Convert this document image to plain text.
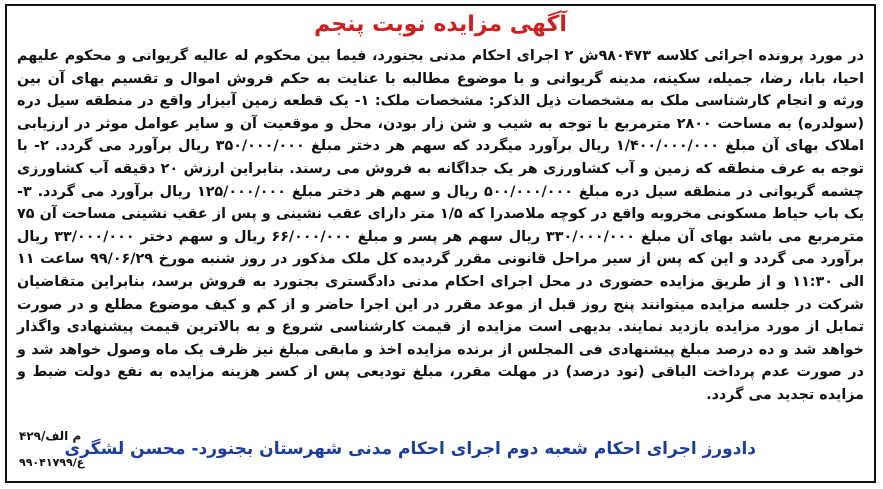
آگهی مزایده نوبت پنجم

در مورد پرونده اجرائی کلاسه ۹۸۰۴۷۳ش ۲ اجرای احکام مدنی بجنورد، فیما بین محکوم له عالیه گریوانی و محکوم علیهم احیا، بابا، رضا، جمیله، سکینه، مدینه گریوانی و با موضوع مطالبه با عنایت به حکم فروش اموال و تقسیم بهای آن بین ورثه و انجام کارشناسی ملک به مشخصات ذیل الذکر: مشخصات ملک: ۱- یک قطعه زمین آبیزار واقع در منطقه سیل دره (سولدره) به مساحت ۲۸۰۰ مترمربع با توجه به شیب و شن زار بودن، محل و موقعیت آن و سایر عوامل موثر در ارزیابی املاک بهای آن مبلغ ۱/۴۰۰/۰۰۰/۰۰۰ ریال برآورد میگردد که سهم هر دختر مبلغ ۳۵۰/۰۰۰/۰۰۰ ریال برآورد می گردد. ۲- با توجه به عرف منطقه که زمین و آب کشاورزی هر یک جداگانه به فروش می رسند. بنابراین ارزش ۲۰ دقیقه آب کشاورزی چشمه گریوانی در منطقه سیل دره مبلغ ۵۰۰/۰۰۰/۰۰۰ ریال و سهم هر دختر مبلغ ۱۲۵/۰۰۰/۰۰۰ ریال برآورد می گردد. ۳- یک باب حیاط مسکونی مخروبه واقع در کوچه ملاصدرا که ۱/۵ متر دارای عقب نشینی و پس از عقب نشینی مساحت آن ۷۵ مترمربع می باشد بهای آن مبلغ ۳۳۰/۰۰۰/۰۰۰ ریال سهم هر پسر و مبلغ ۶۶/۰۰۰/۰۰۰ ریال و سهم دختر ۳۳/۰۰۰/۰۰۰ ریال برآورد می گردد و این که پس از سیر مراحل قانونی مقرر گردیده کل ملک مذکور در روز شنبه مورخ ۹۹/۰۶/۲۹ ساعت ۱۱ الی ۱۱:۳۰ و از طریق مزایده حضوری در محل اجرای احکام مدنی دادگستری بجنورد به فروش برسد، بنابراین متقاضیان شرکت در جلسه مزایده میتوانند پنج روز قبل از موعد مقرر در این اجرا حاضر و از کم و کیف موضوع مطلع و در صورت تمایل از مورد مزایده بازدید نمایند. بدیهی است مزایده از قیمت کارشناسی شروع و به بالاترین قیمت پیشنهادی واگذار خواهد شد و ده درصد مبلغ پیشنهادی فی المجلس از برنده مزایده اخذ و مابقی مبلغ نیز ظرف یک ماه وصول خواهد شد و در صورت عدم پرداخت الباقی (نود درصد) در مهلت مقرر، مبلغ تودیعی پس از کسر هزینه مزایده به نفع دولت ضبط و مزایده تجدید می گردد.

دادورز اجرای احکام شعبه دوم اجرای احکام مدنی شهرستان بجنورد- محسن لشگری
م الف/۴۲۹
ع/۹۹۰۴۱۷۹۹
